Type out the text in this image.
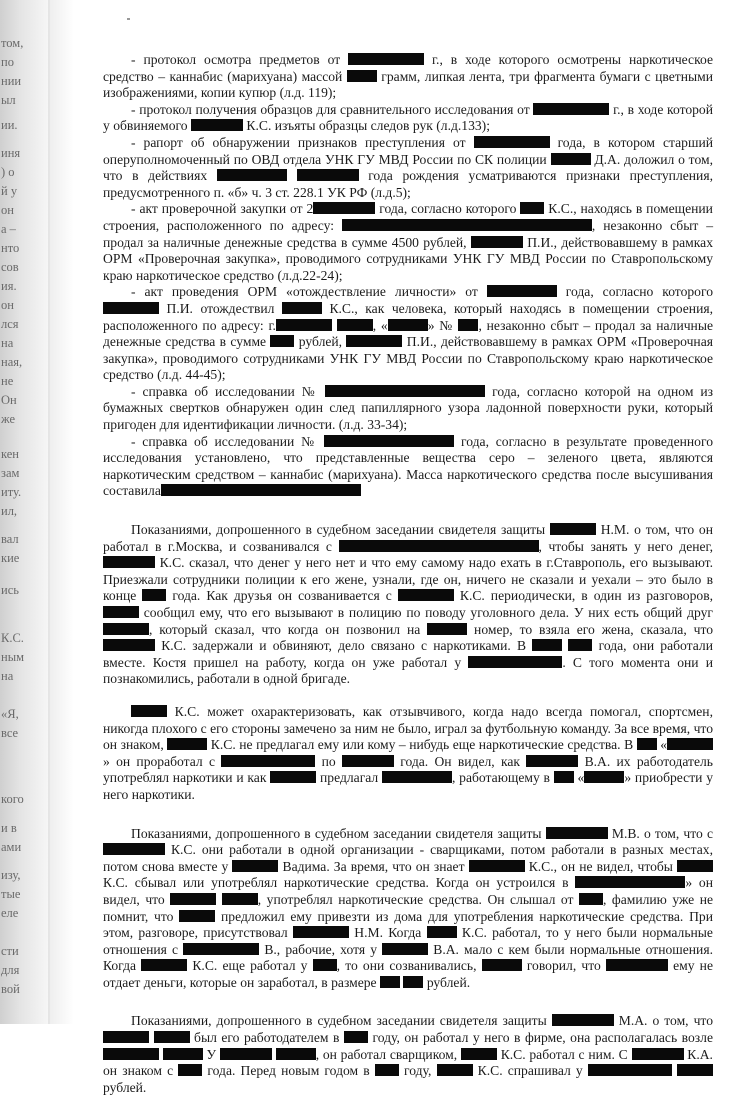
том,
по
нии
ыл
ии.
иня
) о
й у
он
а –
нто
сов
ия.
он
лся
на
ная,
не
Он
же
кен
зам
иту.
ил,
вал
кие
ись
К.С.
ным
на
«Я,
все
кого
и в
ами
изу,
тые
еле
сти
для
вой

- протокол осмотра предметов от	г., в ходе которого осмотрены наркотическое средство – каннабис (марихуана) массой	грамм, липкая лента, три фрагмента бумаги с цветными изображениями, копии купюр (л.д. 119);

- протокол получения образцов для сравнительного исследования от	г., в ходе которой у обвиняемого	К.С. изъяты образцы следов рук (л.д.133);

- рапорт об обнаружении признаков преступления от	года, в котором старший оперуполномоченный по ОВД отдела УНК ГУ МВД России по СК полиции	Д.А. доложил о том, что в действиях	года рождения усматриваются признаки преступления, предусмотренного п. «б» ч. 3 ст. 228.1 УК РФ (л.д.5);

- акт проверочной закупки от 2	года, согласно которого К.С., находясь в помещении строения, расположенного по адресу:	, незаконно сбыт – продал за наличные денежные средства в сумме 4500 рублей,	П.И., действовавшему в рамках ОРМ «Проверочная закупка», проводимого сотрудниками УНК ГУ МВД России по Ставропольскому краю наркотическое средство (л.д.22-24);

- акт проведения ОРМ «отождествление личности» от	года, согласно которого  П.И. отождествил	К.С., как человека, который находясь в помещении строения, расположенного по адресу: г.	, «	» № , незаконно сбыт – продал за наличные денежные средства в сумме рублей,	П.И., действовавшему в рамках ОРМ «Проверочная закупка», проводимого сотрудниками УНК ГУ МВД России по Ставропольскому краю наркотическое средство (л.д. 44-45);

- справка об исследовании №	года, согласно которой на одном из бумажных свертков обнаружен один след папиллярного узора ладонной поверхности руки, который пригоден для идентификации личности. (л.д. 33-34);

- справка об исследовании №	года, согласно в результате проведенного исследования установлено, что представленные вещества серо – зеленого цвета, являются наркотическим средством – каннабис (марихуана). Масса наркотического средства после высушивания составила

Показаниями, допрошенного в судебном заседании свидетеля защиты	Н.М. о том, что он работал в г.Москва, и созванивался с	, чтобы занять у него денег,  К.С. сказал, что денег у него нет и что ему самому надо ехать в г.Ставрополь, его вызывают. Приезжали сотрудники полиции к его жене, узнали, где он, ничего не сказали и уехали – это было в конце	года. Как друзья он созванивается с	К.С. периодически, в один из разговоров,  сообщил ему, что его вызывают в полицию по поводу уголовного дела. У них есть общий друг , который сказал, что когда он позвонил на	номер, то взяла его жена, сказала, что  К.С. задержали и обвиняют, дело связано с наркотиками. В	года, они работали вместе. Костя пришел на работу, когда он уже работал у	. С того момента они и познакомились, работали в одной бригаде.

К.С. может охарактеризовать, как отзывчивого, когда надо всегда помогал, спортсмен, никогда плохого с его стороны замечено за ним не было, играл за футбольную команду. За все время, что он знаком,	К.С. не предлагал ему или кому – нибудь еще наркотические средства. В «» он проработал с	по	года. Он видел, как	В.А. их работодатель употреблял наркотики и как	предлагал	, работающему в «	» приобрести у него наркотики.

Показаниями, допрошенного в судебном заседании свидетеля защиты	М.В. о том, что с  К.С. они работали в одной организации - сварщиками, потом работали в разных местах, потом снова вместе у	Вадима. За время, что он знает	К.С., он не видел, чтобы  К.С. сбывал или употреблял наркотические средства. Когда он устроился в	» он видел, что	, употреблял наркотические средства. Он слышал от , фамилию уже не помнит, что	предложил ему привезти из дома для употребления наркотические средства. При этом, разговоре, присутствовал	Н.М. Когда	К.С. работал, то у него были нормальные отношения с	В., рабочие, хотя у	В.А. мало с кем были нормальные отношения. Когда	К.С. еще работал у , то они созванивались,	говорил, что	ему не отдает деньги, которые он заработал, в размере	рублей.

Показаниями, допрошенного в судебном заседании свидетеля защиты	М.А. о том, что   был его работодателем в году, он работал у него в фирме, она располагалась возле   У	, он работал сварщиком,	К.С. работал с ним. С	К.А. он знаком с	года. Перед новым годом в	году,	К.С. спрашивал у   рублей.
